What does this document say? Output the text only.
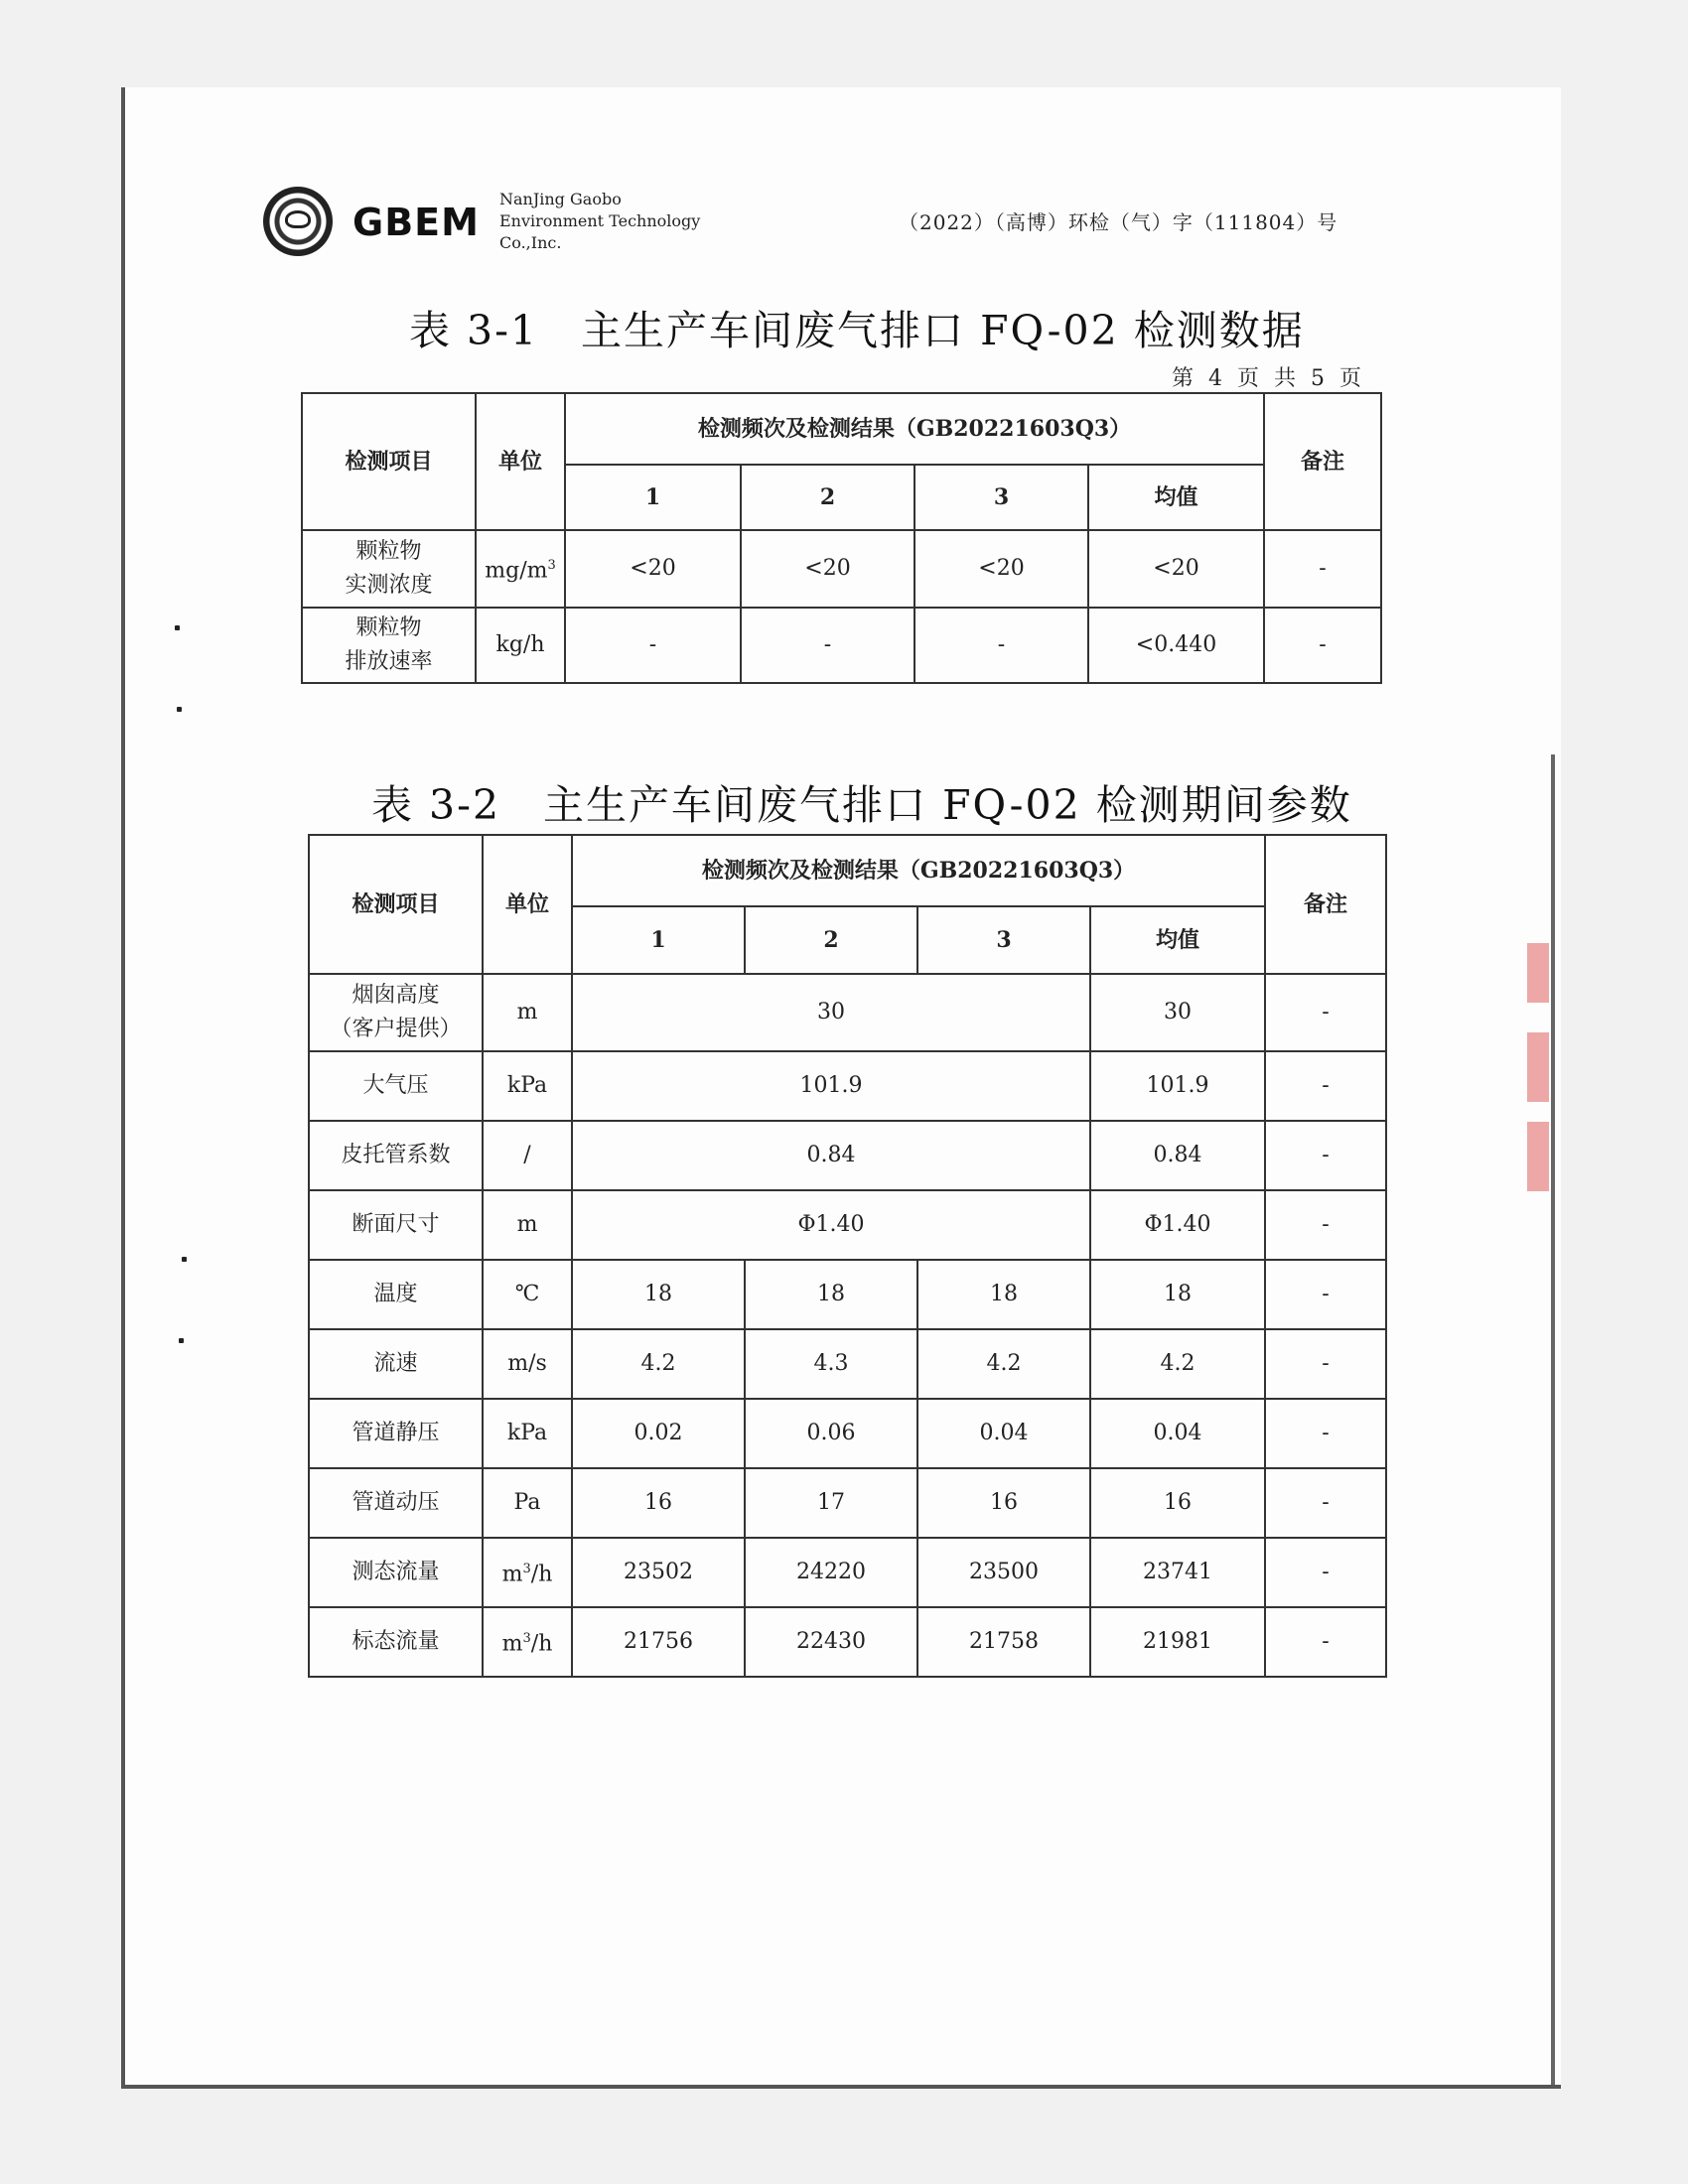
GBEM
NanJing Gaobo
Environment Technology
Co.,Inc.
（2022）（高博）环检（气）字（111804）号
表 3-1　主生产车间废气排口 FQ-02 检测数据
第 4 页 共 5 页
检测项目	单位	检测频次及检测结果（GB20221603Q3）				备注
		1	2	3	均值	

颗粒物
实测浓度	$mg/m^3$	<20	<20	<20	<20	-

颗粒物
排放速率	kg/h	-	-	-	<0.440	-
表 3-2　主生产车间废气排口 FQ-02 检测期间参数
检测项目	单位	检测频次及检测结果（GB20221603Q3）				备注
		1	2	3	均值	

烟囱高度
（客户提供）	m	30			30	-

大气压	kPa	101.9			101.9	-

皮托管系数	/	0.84			0.84	-

断面尺寸	m	Φ1.40			Φ1.40	-

温度	℃	18	18	18	18	-

流速	m/s	4.2	4.3	4.2	4.2	-

管道静压	kPa	0.02	0.06	0.04	0.04	-

管道动压	Pa	16	17	16	16	-

测态流量	$m^3/h$	23502	24220	23500	23741	-

标态流量	$m^3/h$	21756	22430	21758	21981	-
